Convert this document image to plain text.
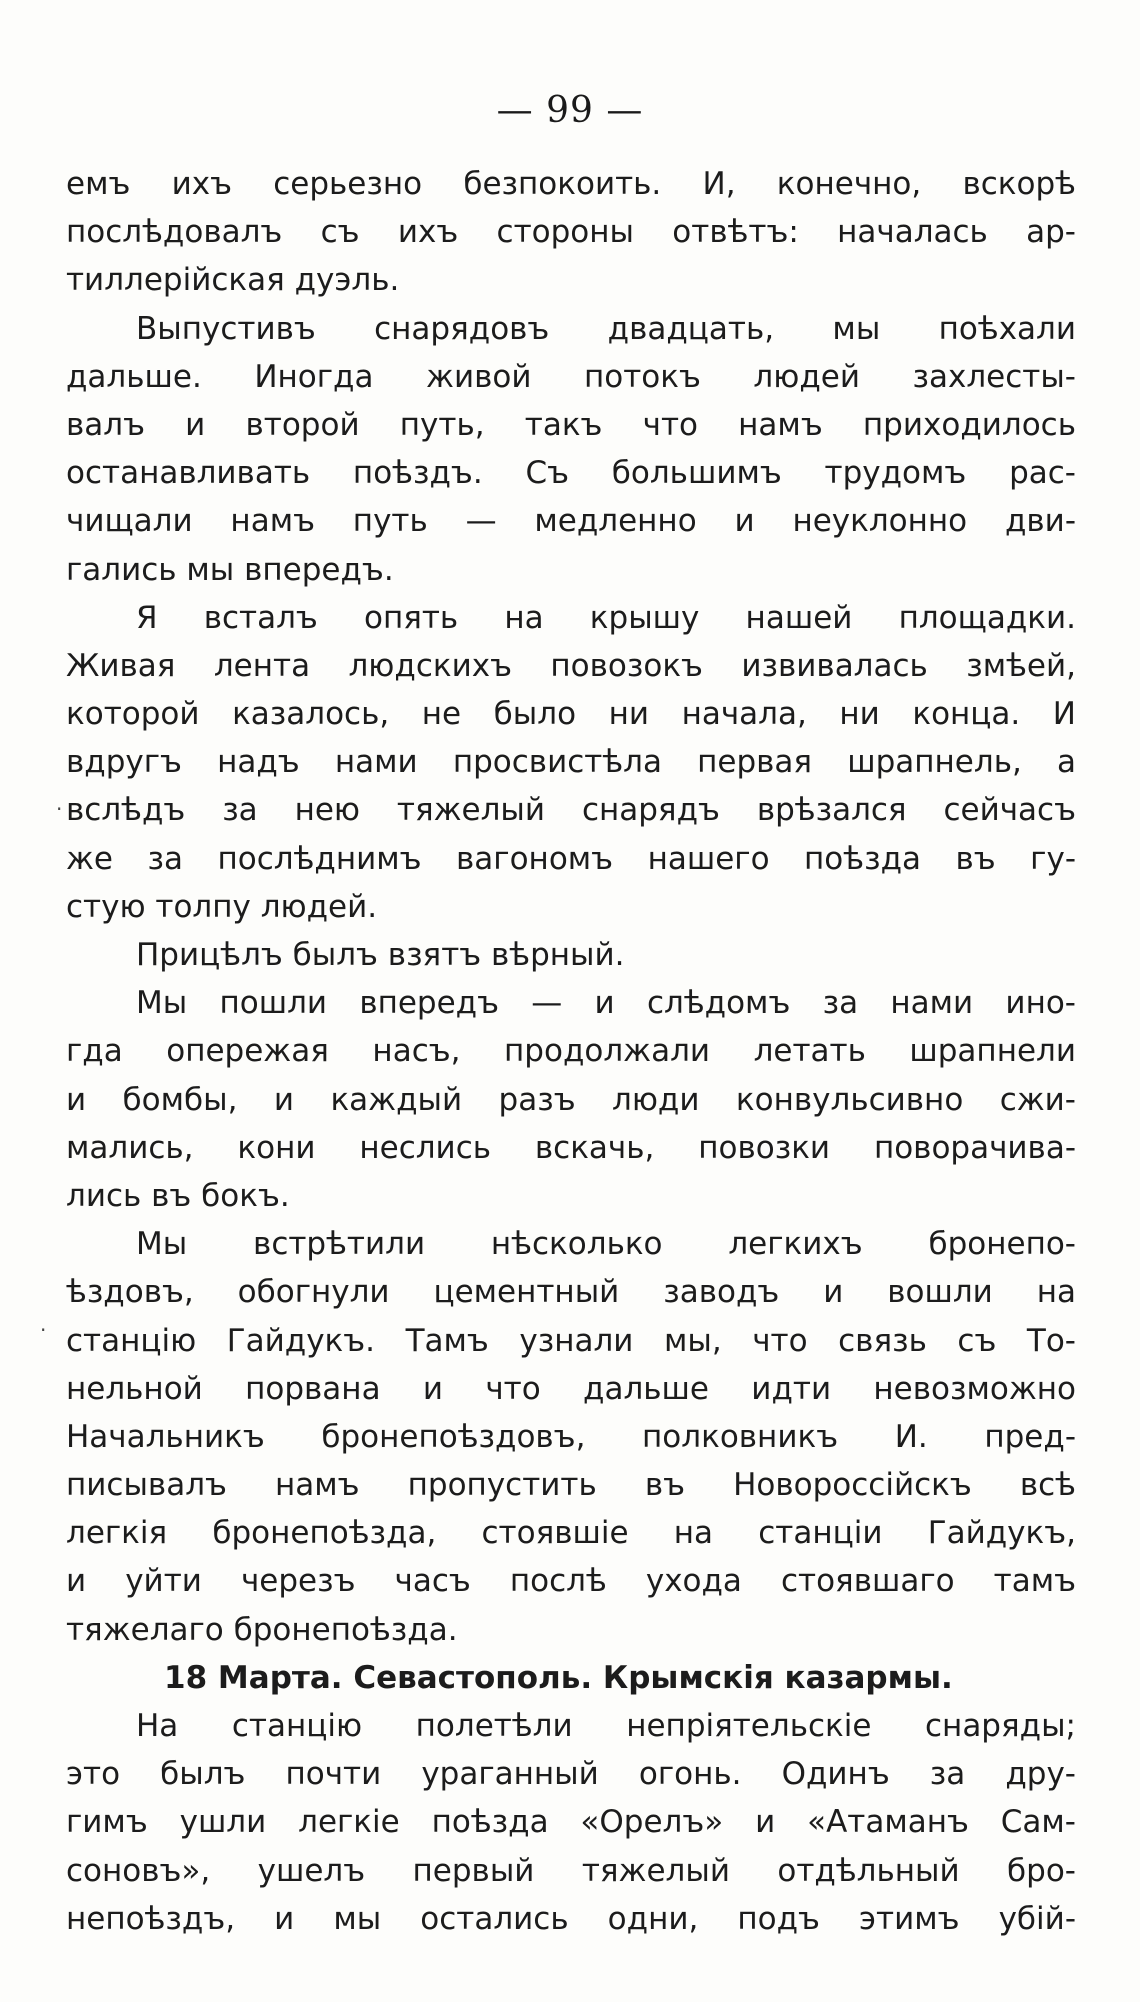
— 99 —
емъ ихъ серьезно безпокоить. И, конечно, вскорѣ
послѣдовалъ съ ихъ стороны отвѣтъ: началась ар-
тиллерійская дуэль.
Выпустивъ снарядовъ двадцать, мы поѣхали
дальше. Иногда живой потокъ людей захлесты-
валъ и второй путь, такъ что намъ приходилось
останавливать поѣздъ. Съ большимъ трудомъ рас-
чищали намъ путь — медленно и неуклонно дви-
гались мы впередъ.
Я всталъ опять на крышу нашей площадки.
Живая лента людскихъ повозокъ извивалась змѣей,
которой казалось, не было ни начала, ни конца. И
вдругъ надъ нами просвистѣла первая шрапнель, а
вслѣдъ за нею тяжелый снарядъ врѣзался сейчасъ
же за послѣднимъ вагономъ нашего поѣзда въ гу-
стую толпу людей.
Прицѣлъ былъ взятъ вѣрный.
Мы пошли впередъ — и слѣдомъ за нами ино-
гда опережая насъ, продолжали летать шрапнели
и бомбы, и каждый разъ люди конвульсивно сжи-
мались, кони неслись вскачь, повозки поворачива-
лись въ бокъ.
Мы встрѣтили нѣсколько легкихъ бронепо-
ѣздовъ, обогнули цементный заводъ и вошли на
станцію Гайдукъ. Тамъ узнали мы, что связь съ То-
нельной порвана и что дальше идти невозможно
Начальникъ бронепоѣздовъ, полковникъ И. пред-
писывалъ намъ пропустить въ Новороссійскъ всѣ
легкія бронепоѣзда, стоявшіе на станціи Гайдукъ,
и уйти черезъ часъ послѣ ухода стоявшаго тамъ
тяжелаго бронепоѣзда.
18 Марта. Севастополь. Крымскія казармы.
На станцію полетѣли непріятельскіе снаряды;
это былъ почти ураганный огонь. Одинъ за дру-
гимъ ушли легкіе поѣзда «Орелъ» и «Атаманъ Сам-
соновъ», ушелъ первый тяжелый отдѣльный бро-
непоѣздъ, и мы остались одни, подъ этимъ убій-
·
·
